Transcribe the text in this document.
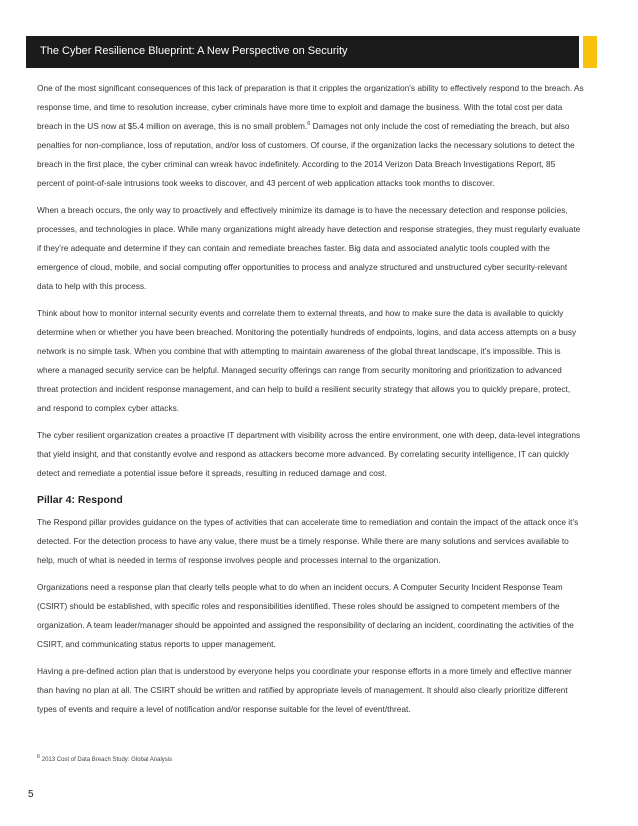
The Cyber Resilience Blueprint: A New Perspective on Security

One of the most significant consequences of this lack of preparation is that it cripples the organization’s ability to effectively respond to the breach. As response time, and time to resolution increase, cyber criminals have more time to exploit and damage the business. With the total cost per data breach in the US now at $5.4 million on average, this is no small problem.$^6$ Damages not only include the cost of remediating the breach, but also penalties for non-compliance, loss of reputation, and/or loss of customers. Of course, if the organization lacks the necessary solutions to detect the breach in the first place, the cyber criminal can wreak havoc indefinitely. According to the 2014 Verizon Data Breach Investigations Report, 85 percent of point-of-sale intrusions took weeks to discover, and 43 percent of web application attacks took months to discover.

When a breach occurs, the only way to proactively and effectively minimize its damage is to have the necessary detection and response policies, processes, and technologies in place. While many organizations might already have detection and response strategies, they must regularly evaluate if they’re adequate and determine if they can contain and remediate breaches faster. Big data and associated analytic tools coupled with the emergence of cloud, mobile, and social computing offer opportunities to process and analyze structured and unstructured cyber security-relevant data to help with this process.

Think about how to monitor internal security events and correlate them to external threats, and how to make sure the data is available to quickly determine when or whether you have been breached. Monitoring the potentially hundreds of endpoints, logins, and data access attempts on a busy network is no simple task. When you combine that with attempting to maintain awareness of the global threat landscape, it’s impossible. This is where a managed security service can be helpful. Managed security offerings can range from security monitoring and prioritization to advanced threat protection and incident response management, and can help to build a resilient security strategy that allows you to quickly prepare, protect, and respond to complex cyber attacks.

The cyber resilient organization creates a proactive IT department with visibility across the entire environment, one with deep, data-level integrations that yield insight, and that constantly evolve and respond as attackers become more advanced. By correlating security intelligence, IT can quickly detect and remediate a potential issue before it spreads, resulting in reduced damage and cost.

Pillar 4: Respond

The Respond pillar provides guidance on the types of activities that can accelerate time to remediation and contain the impact of the attack once it’s detected. For the detection process to have any value, there must be a timely response. While there are many solutions and services available to help, much of what is needed in terms of response involves people and processes internal to the organization.

Organizations need a response plan that clearly tells people what to do when an incident occurs. A Computer Security Incident Response Team (CSIRT) should be established, with specific roles and responsibilities identified. These roles should be assigned to competent members of the organization. A team leader/manager should be appointed and assigned the responsibility of declaring an incident, coordinating the activities of the CSIRT, and communicating status reports to upper management.

Having a pre-defined action plan that is understood by everyone helps you coordinate your response efforts in a more timely and effective manner than having no plan at all. The CSIRT should be written and ratified by appropriate levels of management. It should also clearly prioritize different types of events and require a level of notification and/or response suitable for the level of event/threat.

$^6$ 2013 Cost of Data Breach Study: Global Analysis
5
